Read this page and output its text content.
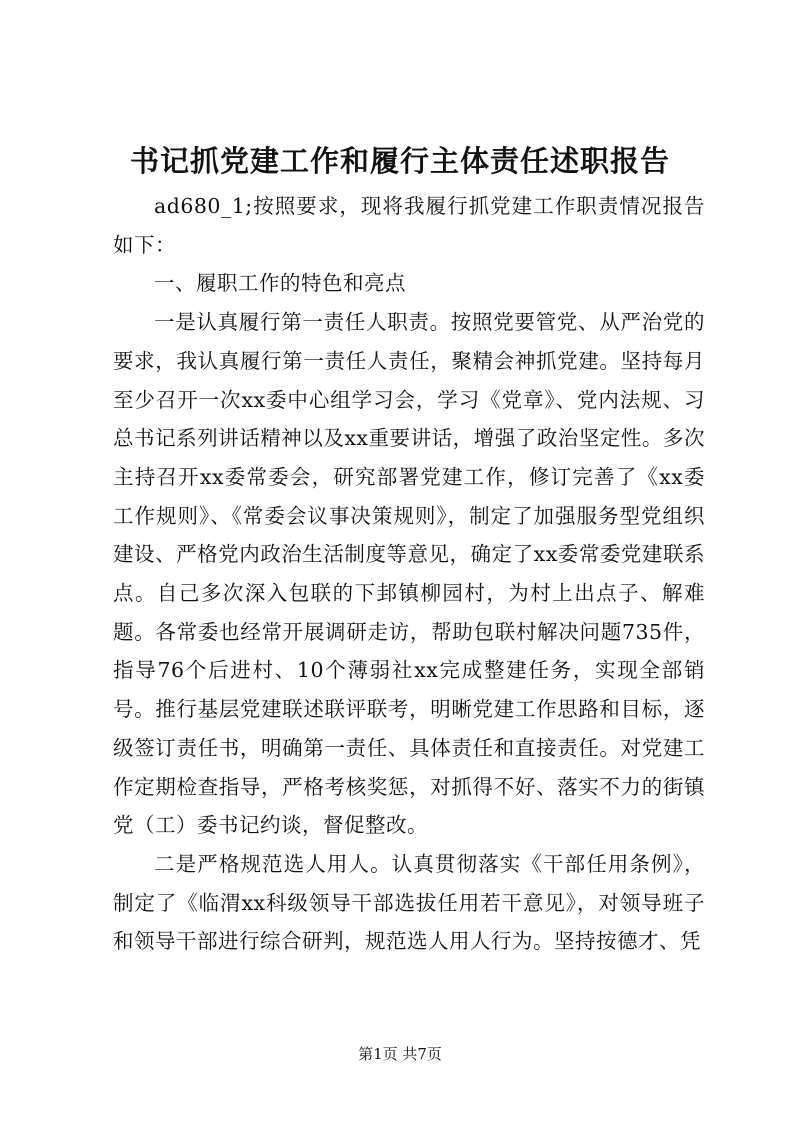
书记抓党建工作和履行主体责任述职报告

ad680_1;按照要求，现将我履行抓党建工作职责情况报告如下：

一、履职工作的特色和亮点

一是认真履行第一责任人职责。按照党要管党、从严治党的要求，我认真履行第一责任人责任，聚精会神抓党建。坚持每月至少召开一次xx委中心组学习会，学习《党章》、党内法规、习总书记系列讲话精神以及xx重要讲话，增强了政治坚定性。多次主持召开xx委常委会，研究部署党建工作，修订完善了《xx委工作规则》、《常委会议事决策规则》，制定了加强服务型党组织建设、严格党内政治生活制度等意见，确定了xx委常委党建联系点。自己多次深入包联的下邽镇柳园村，为村上出点子、解难题。各常委也经常开展调研走访，帮助包联村解决问题735件，指导76个后进村、10个薄弱社xx完成整建任务，实现全部销号。推行基层党建联述联评联考，明晰党建工作思路和目标，逐级签订责任书，明确第一责任、具体责任和直接责任。对党建工作定期检查指导，严格考核奖惩，对抓得不好、落实不力的街镇党（工）委书记约谈，督促整改。

二是严格规范选人用人。认真贯彻落实《干部任用条例》，制定了《临渭xx科级领导干部选拔任用若干意见》，对领导班子和领导干部进行综合研判，规范选人用人行为。坚持按德才、凭

第1页 共7页
